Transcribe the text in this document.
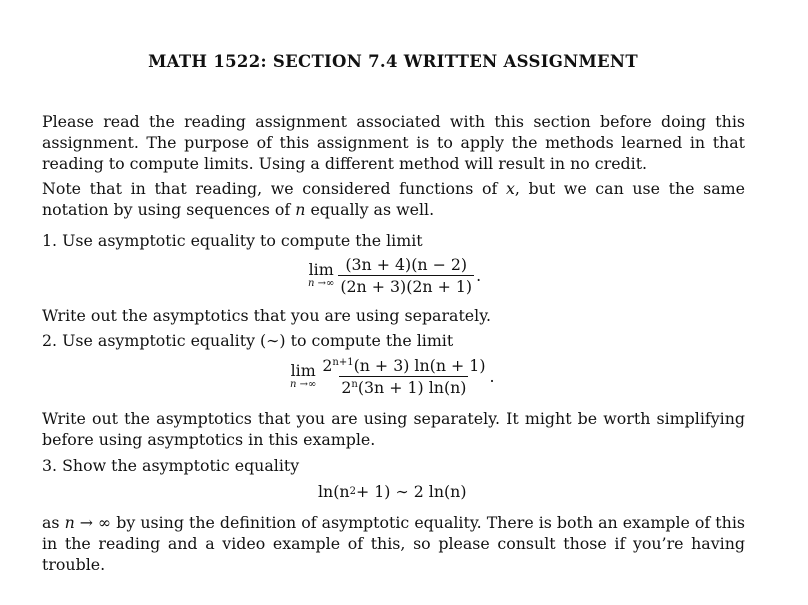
MATH 1522: SECTION 7.4 WRITTEN ASSIGNMENT

Please read the reading assignment associated with this section before doing this assignment. The purpose of this assignment is to apply the methods learned in that reading to compute limits. Using a different method will result in no credit.

Note that in that reading, we considered functions of x, but we can use the same notation by using sequences of n equally as well.

1. Use asymptotic equality to compute the limit

lim
n →∞ $\frac{(3n + 4)(n - 2)}{(2n + 3)(2n + 1)}$ .

Write out the asymptotics that you are using separately.

2. Use asymptotic equality (∼) to compute the limit

lim
n →∞ $\frac{2^{n+1}(n + 3) \ln(n + 1)}{2^n(3n + 1) \ln(n)}$ .

Write out the asymptotics that you are using separately. It might be worth simplifying before using asymptotics in this example.

3. Show the asymptotic equality

ln(n 2 + 1) ∼ 2 ln(n)

as n → ∞ by using the definition of asymptotic equality. There is both an example of this in the reading and a video example of this, so please consult those if you’re having trouble.
